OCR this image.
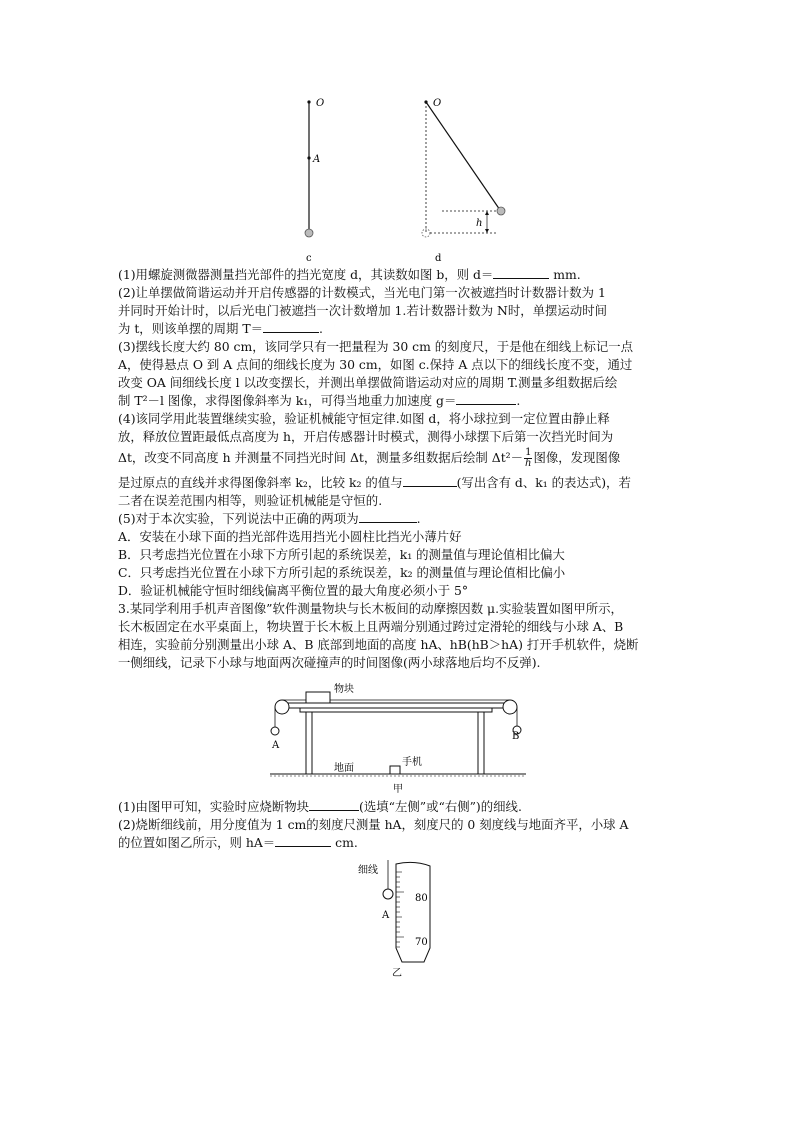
O
A
c
O
h
d
(1)用螺旋测微器测量挡光部件的挡光宽度 d，其读数如图 b，则 d＝	mm.
(2)让单摆做简谐运动并开启传感器的计数模式，当光电门第一次被遮挡时计数器计数为 1
并同时开始计时，以后光电门被遮挡一次计数增加 1.若计数器计数为 N时，单摆运动时间
为 t，则该单摆的周期 T＝	.
(3)摆线长度大约 80 cm，该同学只有一把量程为 30 cm 的刻度尺，于是他在细线上标记一点
A，使得悬点 O 到 A 点间的细线长度为 30 cm，如图 c.保持 A 点以下的细线长度不变，通过
改变 OA 间细线长度 l 以改变摆长，并测出单摆做简谐运动对应的周期 T.测量多组数据后绘
制 T²－l 图像，求得图像斜率为 k₁，可得当地重力加速度 g＝	.
(4)该同学用此装置继续实验，验证机械能守恒定律.如图 d，将小球拉到一定位置由静止释
放，释放位置距最低点高度为 h，开启传感器计时模式，测得小球摆下后第一次挡光时间为
Δt，改变不同高度 h 并测量不同挡光时间 Δt，测量多组数据后绘制 $\Delta t^2- \frac{1}{h}$ 图像，发现图像
是过原点的直线并求得图像斜率 k₂，比较 k₂ 的值与	(写出含有 d、k₁ 的表达式)，若
二者在误差范围内相等，则验证机械能是守恒的.
(5)对于本次实验，下列说法中正确的两项为	.
A．安装在小球下面的挡光部件选用挡光小圆柱比挡光小薄片好
B．只考虑挡光位置在小球下方所引起的系统误差，k₁ 的测量值与理论值相比偏大
C．只考虑挡光位置在小球下方所引起的系统误差，k₂ 的测量值与理论值相比偏小
D．验证机械能守恒时细线偏离平衡位置的最大角度必须小于 5°
3.某同学利用手机声音图像”软件测量物块与长木板间的动摩擦因数 μ.实验装置如图甲所示，
长木板固定在水平桌面上，物块置于长木板上且两端分别通过跨过定滑轮的细线与小球 A、B
相连，实验前分别测量出小球 A、B 底部到地面的高度 hA、hB(hB＞hA) 打开手机软件，烧断
一侧细线，记录下小球与地面两次碰撞声的时间图像(两小球落地后均不反弹).
物块
A
B
地面
手机
甲
(1)由图甲可知，实验时应烧断物块	(选填“左侧”或“右侧”)的细线.
(2)烧断细线前，用分度值为 1 cm的刻度尺测量 hA，刻度尺的 0 刻度线与地面齐平，小球 A
的位置如图乙所示，则 hA＝	cm.
细线
A
80
70
乙
